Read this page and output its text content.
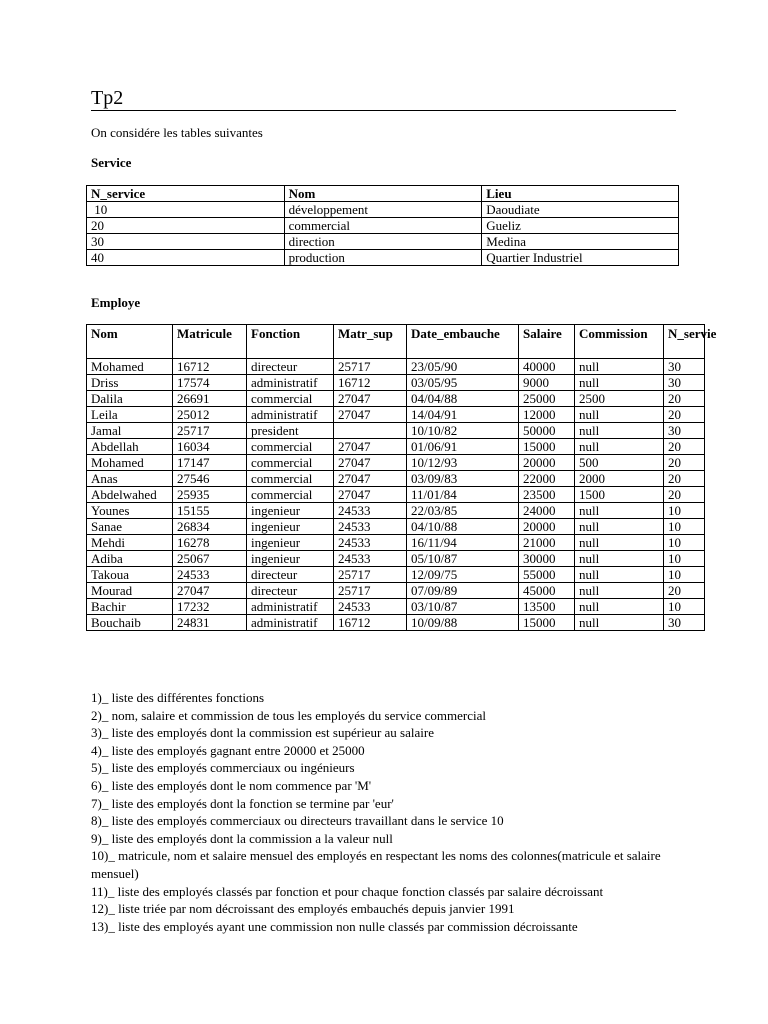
Tp2
On considére les tables suivantes
Service
N_service	Nom	Lieu
10	développement	Daoudiate
20	commercial	Gueliz
30	direction	Medina
40	production	Quartier Industriel
Employe
Nom	Matricule	Fonction	Matr_sup	Date_embauche	Salaire	Commission	N_servie
Mohamed	16712	directeur	25717	23/05/90	40000	null	30
Driss	17574	administratif	16712	03/05/95	9000	null	30
Dalila	26691	commercial	27047	04/04/88	25000	2500	20
Leila	25012	administratif	27047	14/04/91	12000	null	20
Jamal	25717	president		10/10/82	50000	null	30
Abdellah	16034	commercial	27047	01/06/91	15000	null	20
Mohamed	17147	commercial	27047	10/12/93	20000	500	20
Anas	27546	commercial	27047	03/09/83	22000	2000	20
Abdelwahed	25935	commercial	27047	11/01/84	23500	1500	20
Younes	15155	ingenieur	24533	22/03/85	24000	null	10
Sanae	26834	ingenieur	24533	04/10/88	20000	null	10
Mehdi	16278	ingenieur	24533	16/11/94	21000	null	10
Adiba	25067	ingenieur	24533	05/10/87	30000	null	10
Takoua	24533	directeur	25717	12/09/75	55000	null	10
Mourad	27047	directeur	25717	07/09/89	45000	null	20
Bachir	17232	administratif	24533	03/10/87	13500	null	10
Bouchaib	24831	administratif	16712	10/09/88	15000	null	30
1)_ liste des différentes fonctions
2)_ nom, salaire et commission de tous les employés du service commercial
3)_ liste des employés dont la commission est supérieur au salaire
4)_ liste des employés gagnant entre 20000 et 25000
5)_ liste des employés commerciaux ou ingénieurs
6)_ liste des employés dont le nom commence par 'M'
7)_ liste des employés dont la fonction se termine par 'eur'
8)_ liste des employés commerciaux ou directeurs travaillant dans le service 10
9)_ liste des employés dont la commission a la valeur null
10)_ matricule, nom et salaire mensuel des employés en respectant les noms des colonnes(matricule et salaire mensuel)
11)_ liste des employés classés par fonction et pour chaque fonction classés par salaire décroissant
12)_ liste triée par nom décroissant des employés embauchés depuis janvier 1991
13)_ liste des employés ayant une commission non nulle classés par commission décroissante
